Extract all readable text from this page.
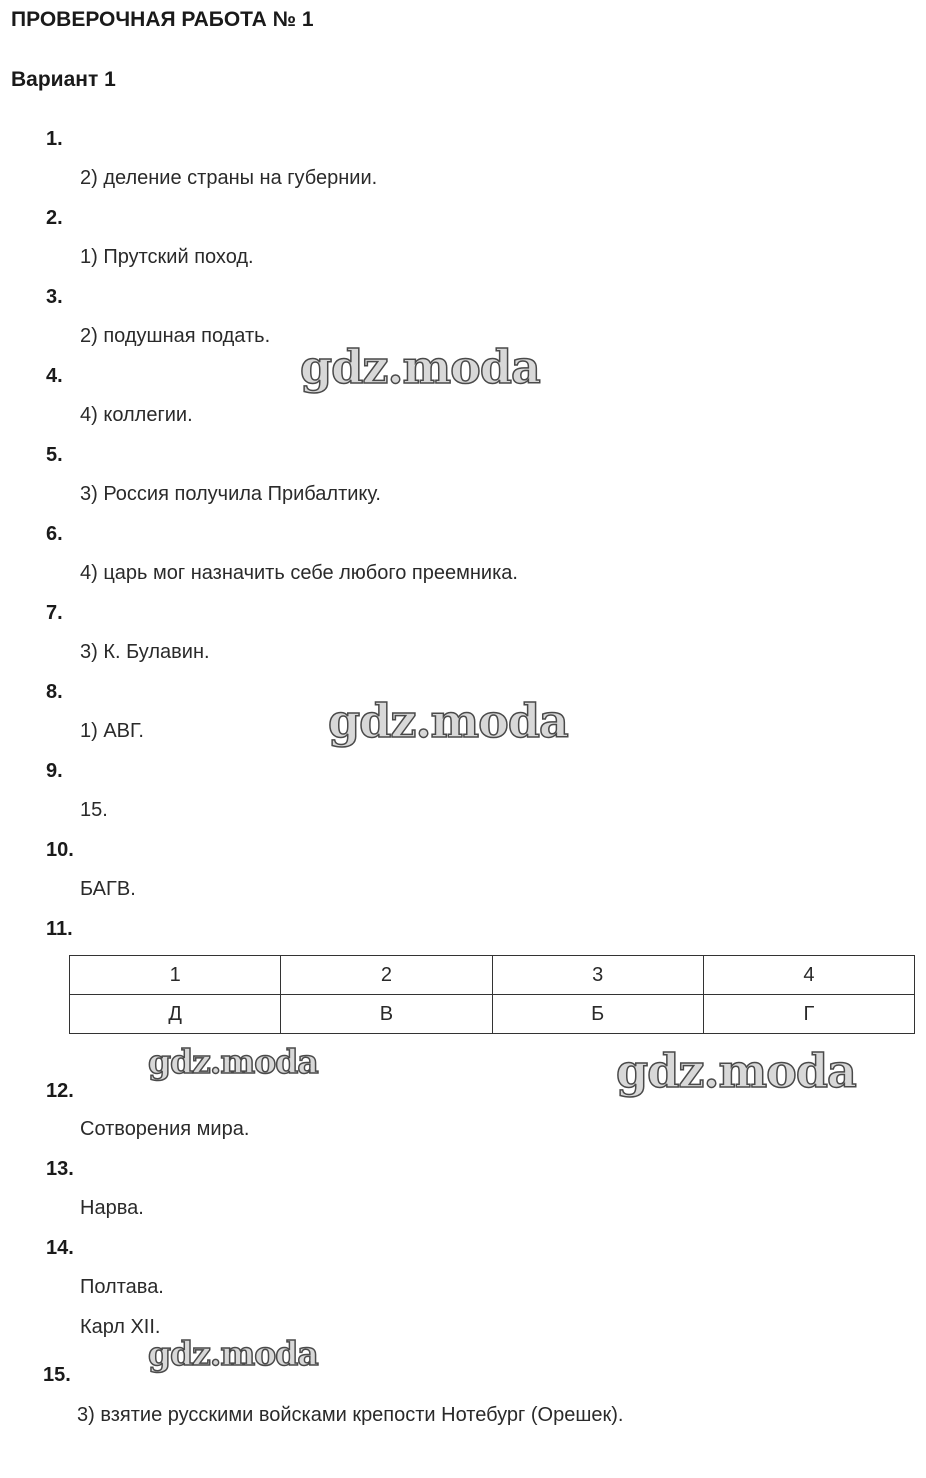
ПРОВЕРОЧНАЯ РАБОТА № 1
Вариант 1
1.
2) деление страны на губернии.
2.
1) Прутский поход.
3.
2) подушная подать.
4.
4) коллегии.
5.
3) Россия получила Прибалтику.
6.
4) царь мог назначить себе любого преемника.
7.
3) К. Булавин.
8.
1) АВГ.
9.
15.
10.
БАГВ.
11.
1	2	3	4
Д	В	Б	Г
12.
Сотворения мира.
13.
Нарва.
14.
Полтава.
Карл XII.
15.
3) взятие русскими войсками крепости Нотебург (Орешек).
gdz.moda
gdz.moda
gdz.moda	gdz.moda
gdz.moda
